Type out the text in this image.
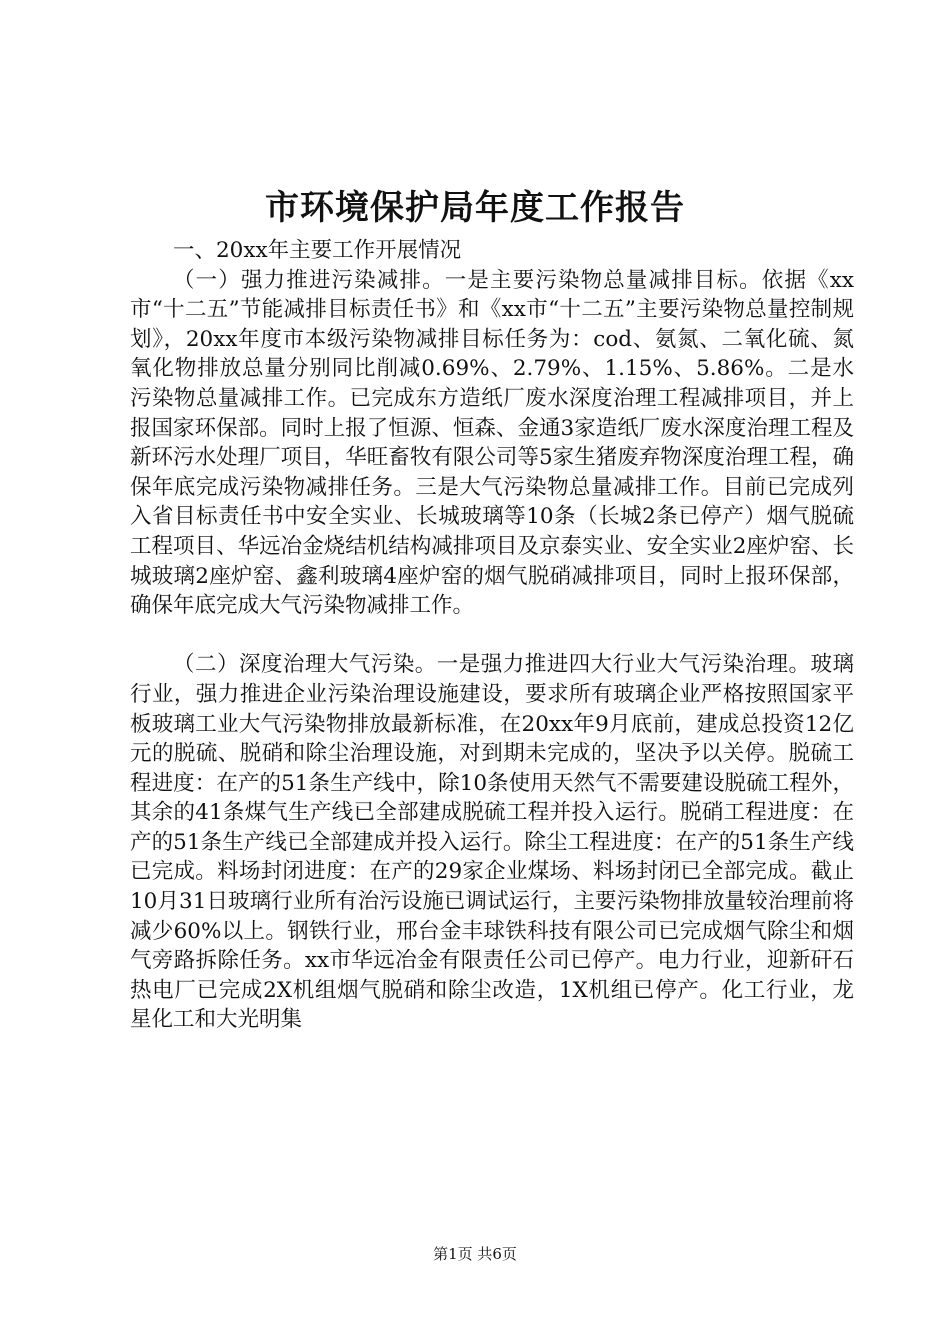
市环境保护局年度工作报告

一、20xx年主要工作开展情况

（一）强力推进污染减排。一是主要污染物总量减排目标。依据《xx市“十二五”节能减排目标责任书》和《xx市“十二五”主要污染物总量控制规划》，20xx年度市本级污染物减排目标任务为：cod、氨氮、二氧化硫、氮氧化物排放总量分别同比削减0.69%、2.79%、1.15%、5.86%。二是水污染物总量减排工作。已完成东方造纸厂废水深度治理工程减排项目，并上报国家环保部。同时上报了恒源、恒森、金通3家造纸厂废水深度治理工程及新环污水处理厂项目，华旺畜牧有限公司等5家生猪废弃物深度治理工程，确保年底完成污染物减排任务。三是大气污染物总量减排工作。目前已完成列入省目标责任书中安全实业、长城玻璃等10条（长城2条已停产）烟气脱硫工程项目、华远冶金烧结机结构减排项目及京泰实业、安全实业2座炉窑、长城玻璃2座炉窑、鑫利玻璃4座炉窑的烟气脱硝减排项目，同时上报环保部，确保年底完成大气污染物减排工作。

（二）深度治理大气污染。一是强力推进四大行业大气污染治理。玻璃行业，强力推进企业污染治理设施建设，要求所有玻璃企业严格按照国家平板玻璃工业大气污染物排放最新标准，在20xx年9月底前，建成总投资12亿元的脱硫、脱硝和除尘治理设施，对到期未完成的，坚决予以关停。脱硫工程进度：在产的51条生产线中，除10条使用天然气不需要建设脱硫工程外，其余的41条煤气生产线已全部建成脱硫工程并投入运行。脱硝工程进度：在产的51条生产线已全部建成并投入运行。除尘工程进度：在产的51条生产线已完成。料场封闭进度：在产的29家企业煤场、料场封闭已全部完成。截止10月31日玻璃行业所有治污设施已调试运行，主要污染物排放量较治理前将减少60%以上。钢铁行业，邢台金丰球铁科技有限公司已完成烟气除尘和烟气旁路拆除任务。xx市华远冶金有限责任公司已停产。电力行业，迎新矸石热电厂已完成2X机组烟气脱硝和除尘改造，1X机组已停产。化工行业，龙星化工和大光明集

第1页 共6页
